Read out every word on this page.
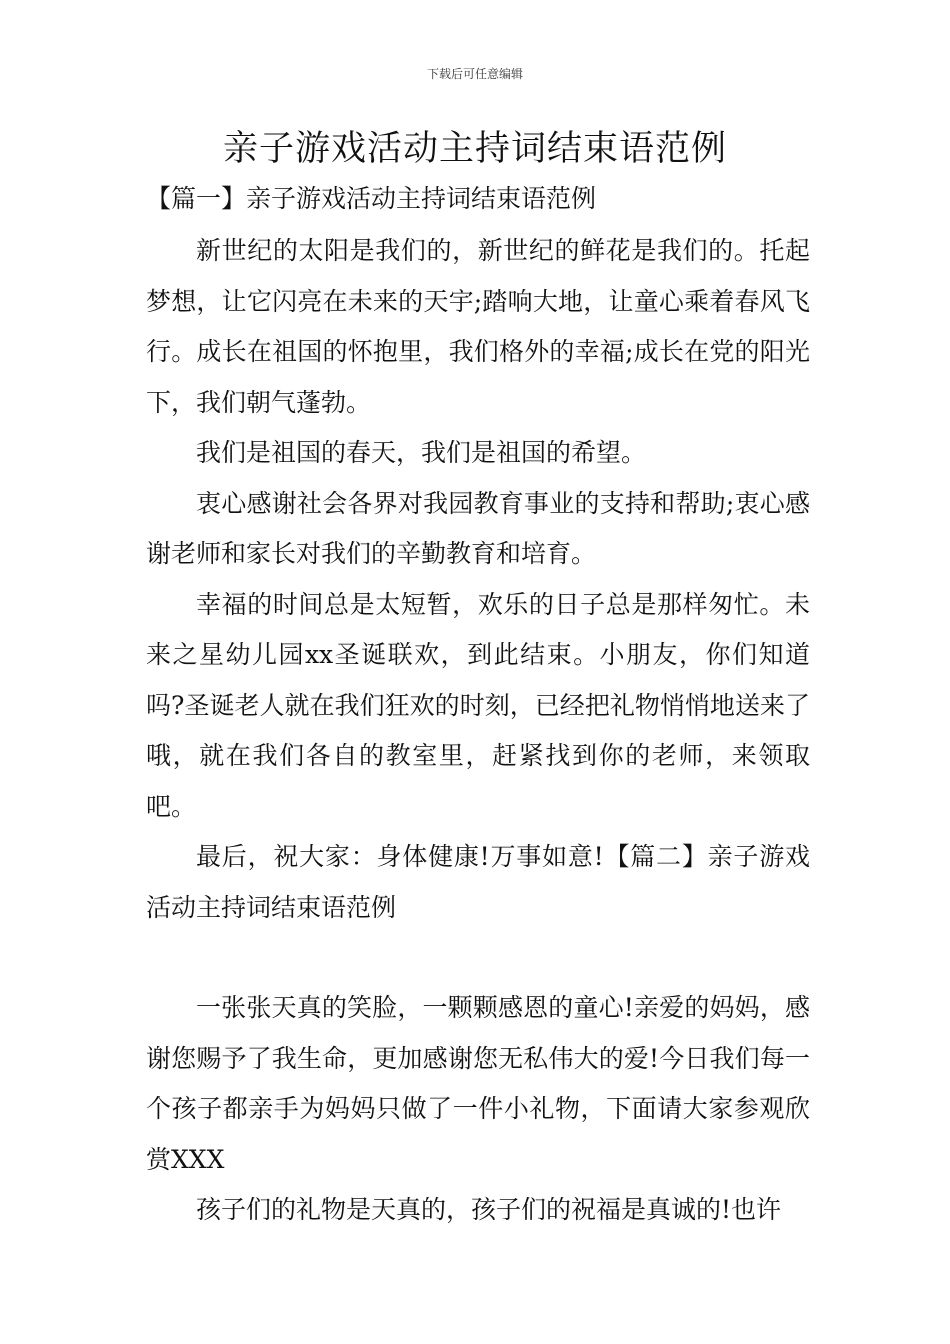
下载后可任意编辑
亲子游戏活动主持词结束语范例
【篇一】亲子游戏活动主持词结束语范例

新世纪的太阳是我们的，新世纪的鲜花是我们的。托起梦想，让它闪亮在未来的天宇;踏响大地，让童心乘着春风飞行。成长在祖国的怀抱里，我们格外的幸福;成长在党的阳光下，我们朝气蓬勃。

我们是祖国的春天，我们是祖国的希望。

衷心感谢社会各界对我园教育事业的支持和帮助;衷心感谢老师和家长对我们的辛勤教育和培育。

幸福的时间总是太短暂，欢乐的日子总是那样匆忙。未来之星幼儿园xx圣诞联欢，到此结束。小朋友，你们知道吗?圣诞老人就在我们狂欢的时刻，已经把礼物悄悄地送来了哦，就在我们各自的教室里，赶紧找到你的老师，来领取吧。

最后，祝大家：身体健康!万事如意!【篇二】亲子游戏活动主持词结束语范例

一张张天真的笑脸，一颗颗感恩的童心!亲爱的妈妈，感谢您赐予了我生命，更加感谢您无私伟大的爱!今日我们每一个孩子都亲手为妈妈只做了一件小礼物，下面请大家参观欣赏XXX

孩子们的礼物是天真的，孩子们的祝福是真诚的!也许
